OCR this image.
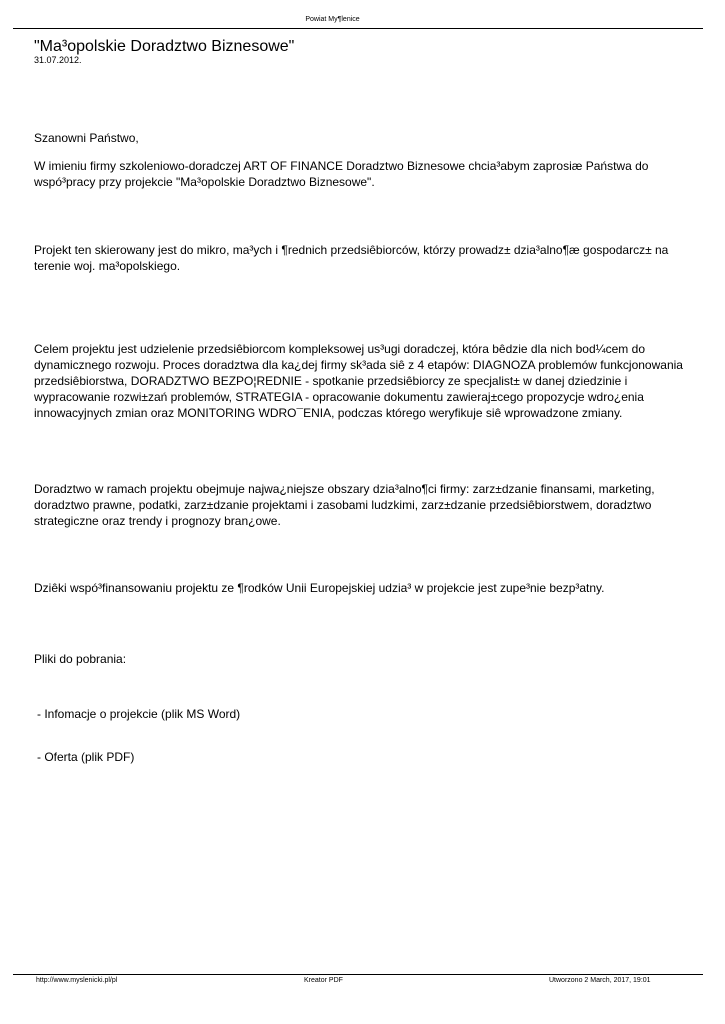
Powiat My¶lenice
"Ma³opolskie Doradztwo Biznesowe"
31.07.2012.

Szanowni Państwo,

W imieniu firmy szkoleniowo-doradczej ART OF FINANCE Doradztwo Biznesowe chcia³abym zaprosiæ Państwa do wspó³pracy przy projekcie "Ma³opolskie Doradztwo Biznesowe".

Projekt ten skierowany jest do mikro, ma³ych i ¶rednich przedsiêbiorców, którzy prowadz± dzia³alno¶æ gospodarcz± na terenie woj. ma³opolskiego.

Celem projektu jest udzielenie przedsiêbiorcom kompleksowej us³ugi doradczej, która bêdzie dla nich bod¼cem do dynamicznego rozwoju. Proces doradztwa dla ka¿dej firmy sk³ada siê z 4 etapów: DIAGNOZA problemów funkcjonowania przedsiêbiorstwa, DORADZTWO BEZPO¦REDNIE - spotkanie przedsiêbiorcy ze specjalist± w danej dziedzinie i wypracowanie rozwi±zań problemów, STRATEGIA - opracowanie dokumentu zawieraj±cego propozycje wdro¿enia innowacyjnych zmian oraz MONITORING WDRO¯ENIA, podczas którego weryfikuje siê wprowadzone zmiany.

Doradztwo w ramach projektu obejmuje najwa¿niejsze obszary dzia³alno¶ci firmy: zarz±dzanie finansami, marketing, doradztwo prawne, podatki, zarz±dzanie projektami i zasobami ludzkimi, zarz±dzanie przedsiêbiorstwem, doradztwo strategiczne oraz trendy i prognozy bran¿owe.

Dziêki wspó³finansowaniu projektu ze ¶rodków Unii Europejskiej udzia³ w projekcie jest zupe³nie bezp³atny.

Pliki do pobrania:

- Infomacje o projekcie (plik MS Word)
- Oferta (plik PDF)
http://www.myslenicki.pl/pl	Kreator PDF	Utworzono 2 March, 2017, 19:01
